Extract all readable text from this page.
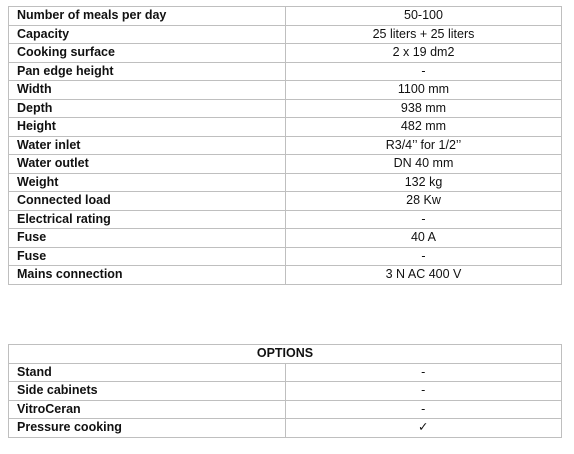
Number of meals per day	50-100
Capacity	25 liters + 25 liters
Cooking surface	2 x 19 dm2
Pan edge height	-
Width	1100 mm
Depth	938 mm
Height	482 mm
Water inlet	R3/4’’ for 1/2’’
Water outlet	DN 40 mm
Weight	132 kg
Connected load	28 Kw
Electrical rating	-
Fuse	40 A
Fuse	-
Mains connection	3 N AC 400 V
OPTIONS	
Stand	-
Side cabinets	-
VitroCeran	-
Pressure cooking	✓
